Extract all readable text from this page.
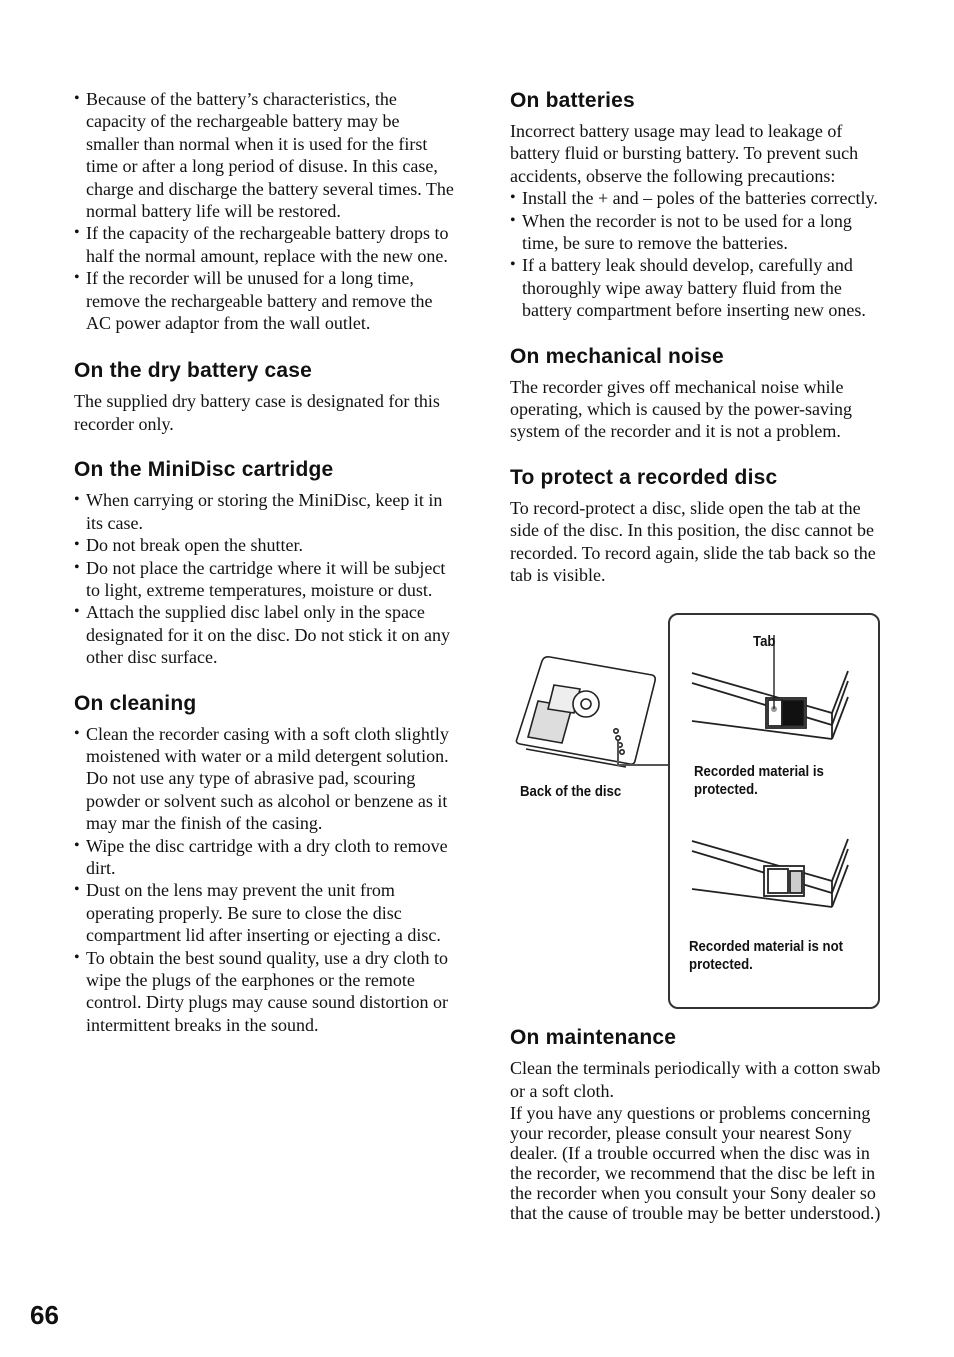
• Because of the battery’s characteristics, the capacity of the rechargeable battery may be smaller than normal when it is used for the first time or after a long period of disuse. In this case, charge and discharge the battery several times. The normal battery life will be restored.
• If the capacity of the rechargeable battery drops to half the normal amount, replace with the new one.
• If the recorder will be unused for a long time, remove the rechargeable battery and remove the AC power adaptor from the wall outlet.
On the dry battery case

The supplied dry battery case is designated for this recorder only.

On the MiniDisc cartridge
• When carrying or storing the MiniDisc, keep it in its case.
• Do not break open the shutter.
• Do not place the cartridge where it will be subject to light, extreme temperatures, moisture or dust.
• Attach the supplied disc label only in the space designated for it on the disc. Do not stick it on any other disc surface.
On cleaning
• Clean the recorder casing with a soft cloth slightly moistened with water or a mild detergent solution. Do not use any type of abrasive pad, scouring powder or solvent such as alcohol or benzene as it may mar the finish of the casing.
• Wipe the disc cartridge with a dry cloth to remove dirt.
• Dust on the lens may prevent the unit from operating properly. Be sure to close the disc compartment lid after inserting or ejecting a disc.
• To obtain the best sound quality, use a dry cloth to wipe the plugs of the earphones or the remote control. Dirty plugs may cause sound distortion or intermittent breaks in the sound.
On batteries

Incorrect battery usage may lead to leakage of battery fluid or bursting battery. To prevent such accidents, observe the following precautions:

• Install the + and – poles of the batteries correctly.
• When the recorder is not to be used for a long time, be sure to remove the batteries.
• If a battery leak should develop, carefully and thoroughly wipe away battery fluid from the battery compartment before inserting new ones.
On mechanical noise

The recorder gives off mechanical noise while operating, which is caused by the power-saving system of the recorder and it is not a problem.

To protect a recorded disc

To record-protect a disc, slide open the tab at the side of the disc. In this position, the disc cannot be recorded. To record again, slide the tab back so the tab is visible.

Tab
Back of the disc
Recorded material is protected.
Recorded material is not protected.
On maintenance

Clean the terminals periodically with a cotton swab or a soft cloth.

If you have any questions or problems concerning your recorder, please consult your nearest Sony dealer. (If a trouble occurred when the disc was in the recorder, we recommend that the disc be left in the recorder when you consult your Sony dealer so that the cause of trouble may be better understood.)

66
